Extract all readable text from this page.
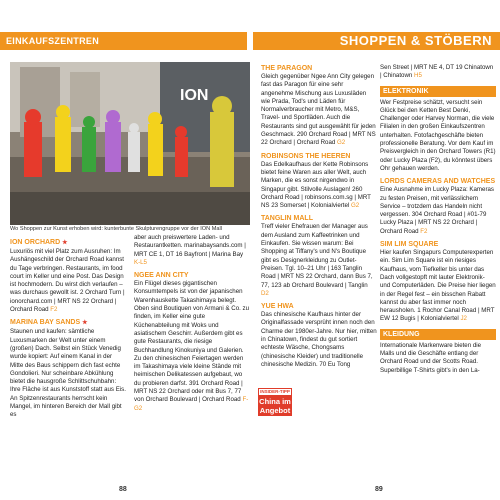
EINKAUFSZENTREN	SHOPPEN & STÖBERN
ION
Wo Shoppen zur Kunst erhoben wird: kunterbunte Skulpturengruppe vor der ION Mall
ION ORCHARD ★
Luxuriös mit viel Platz zum Ausruhen: Im Aushängeschild der Orchard Road kannst du Tage verbringen. Restaurants, im food court im Keller und eine Post. Das Design ist hochmodern. Du wirst dich verlaufen – was durchaus gewollt ist. 2 Orchard Turn | ionorchard.com | MRT NS 22 Orchard | Orchard Road F2
MARINA BAY SANDS ★
Staunen und kaufen: sämtliche Luxusmarken der Welt unter einem (großen) Dach. Selbst ein Stück Venedig wurde kopiert: Auf einem Kanal in der Mitte des Baus schippern dich fast echte Gondolieri. Nur scheinbare Abkühlung bietet die hausgroße Schlittschuhbahn: Ihre Fläche ist aus Kunststoff statt aus Eis. An Spitzenrestaurants herrscht kein Mangel, im hinteren Bereich der Mall gibt es
aber auch preiswertere Laden- und Restaurantketten. marinabaysands.com | MRT CE 1, DT 16 Bayfront | Marina Bay K-L5
NGEE ANN CITY
Ein Flügel dieses gigantischen Konsumtempels ist von der japanischen Warenhauskette Takashimaya belegt. Oben sind Boutiquen von Armani & Co. zu finden, im Keller eine gute Küchenabteilung mit Woks und asiatischem Geschirr. Außerdem gibt es gute Restaurants, die riesige Buchhandlung Kinokuniya und Galerien. Zu den chinesischen Feiertagen werden im Takashimaya viele kleine Stände mit heimischen Delikatessen aufgebaut, wo du probieren darfst. 391 Orchard Road | MRT NS 22 Orchard oder mit Bus 7, 77 von Orchard Boulevard | Orchard Road F-G2
THE PARAGON
Gleich gegenüber Ngee Ann City gelegen fast das Paragon für eine sehr angenehme Mischung aus Luxusläden wie Prada, Tod's und Läden für Normalverbraucher mit Metro, M&S, Travel- und Sportläden. Auch die Restaurants sind gut ausgewählt für jeden Geschmack. 290 Orchard Road | MRT NS 22 Orchard | Orchard Road G2
ROBINSONS THE HEEREN
Das Edelkaufhaus der Kette Robinsons bietet feine Waren aus aller Welt, auch Marken, die es sonst nirgendwo in Singapur gibt. Stilvolle Auslagen! 260 Orchard Road | robinsons.com.sg | MRT NS 23 Somerset | Kolonialviertel G2
TANGLIN MALL
Treff vieler Ehefrauen der Manager aus dem Ausland zum Kaffeetrinken und Einkaufen. Sie wissen warum: Bei Shopping at Tiffany's und N's Boutique gibt es Designerkleidung zu Outlet-Preisen. Tgl. 10–21 Uhr | 163 Tanglin Road | MRT NS 22 Orchard, dann Bus 7, 77, 123 ab Orchard Boulevard | Tanglin D2
YUE HWA
Das chinesische Kaufhaus hinter der Originalfassade versprüht innen noch den Charme der 1980er-Jahre. Nur hier, mitten in Chinatown, findest du gut sortiert echteste Wäsche, Chongsams (chinesische Kleider) und traditionelle chinesische Medizin. 70 Eu Tong
INSIDER-TIPP
China im Angebot
Sen Street | MRT NE 4, DT 19 Chinatown | Chinatown H5
ELEKTRONIK
Wer Festpreise schätzt, versucht sein Glück bei den Ketten Best Denki, Challenger oder Harvey Norman, die viele Filialen in den großen Einkaufszentren unterhalten. Fotofachgeschäfte bieten professionelle Beratung. Vor dem Kauf im Preisvergleich in den Orchard Towers (R1) oder Lucky Plaza (F2), du könntest übers Ohr gehauen werden.
LORDS CAMERAS AND WATCHES
Eine Ausnahme im Lucky Plaza: Kameras zu festen Preisen, mit verlässlichem Service – trotzdem das Handeln nicht vergessen. 304 Orchard Road | #01-79 Lucky Plaza | MRT NS 22 Orchard | Orchard Road F2
SIM LIM SQUARE
Hier kaufen Singapurs Computerexperten ein. Sim Lim Square ist ein riesiges Kaufhaus, vom Tiefkeller bis unter das Dach vollgestopft mit lauter Elektronik- und Computerläden. Die Preise hier liegen in der Regel fest – ein bisschen Rabatt kannst du aber fast immer noch herausholen. 1 Rochor Canal Road | MRT EW 12 Bugis | Kolonialviertel J2
KLEIDUNG
Internationale Markenware bieten die Malls und die Geschäfte entlang der Orchard Road und der Scotts Road. Superbillige T-Shirts gibt's in den La-
88	89
